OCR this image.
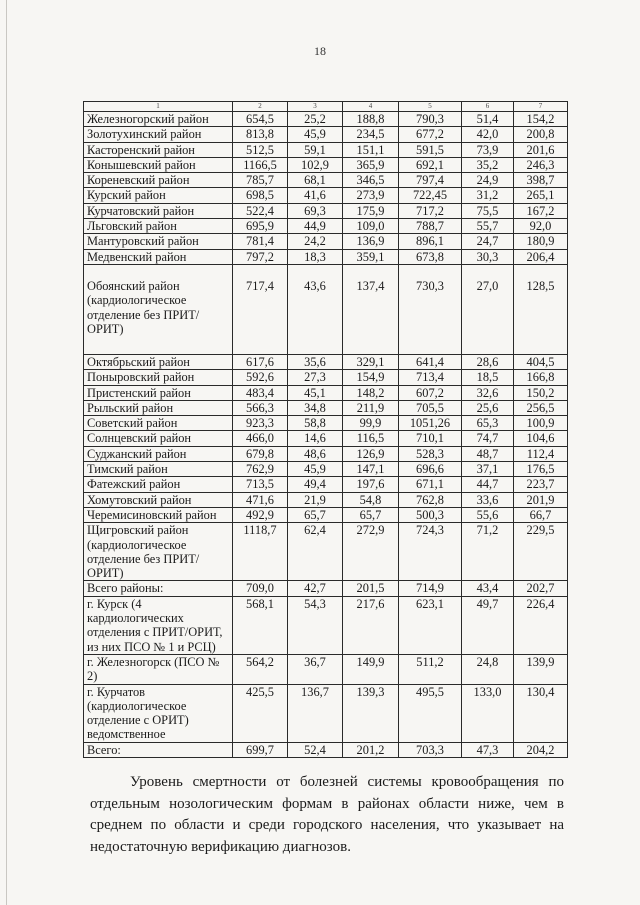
18
1	2	3	4	5	6	7
Железногорский район	654,5	25,2	188,8	790,3	51,4	154,2
Золотухинский район	813,8	45,9	234,5	677,2	42,0	200,8
Касторенский район	512,5	59,1	151,1	591,5	73,9	201,6
Конышевский район	1166,5	102,9	365,9	692,1	35,2	246,3
Кореневский район	785,7	68,1	346,5	797,4	24,9	398,7
Курский район	698,5	41,6	273,9	722,45	31,2	265,1
Курчатовский район	522,4	69,3	175,9	717,2	75,5	167,2
Льговский район	695,9	44,9	109,0	788,7	55,7	92,0
Мантуровский район	781,4	24,2	136,9	896,1	24,7	180,9
Медвенский район	797,2	18,3	359,1	673,8	30,3	206,4
Обоянский район (кардиологическое отделение без ПРИТ/ОРИТ)	717,4	43,6	137,4	730,3	27,0	128,5
Октябрьский район	617,6	35,6	329,1	641,4	28,6	404,5
Поныровский район	592,6	27,3	154,9	713,4	18,5	166,8
Пристенский район	483,4	45,1	148,2	607,2	32,6	150,2
Рыльский район	566,3	34,8	211,9	705,5	25,6	256,5
Советский район	923,3	58,8	99,9	1051,26	65,3	100,9
Солнцевский район	466,0	14,6	116,5	710,1	74,7	104,6
Суджанский район	679,8	48,6	126,9	528,3	48,7	112,4
Тимский район	762,9	45,9	147,1	696,6	37,1	176,5
Фатежский район	713,5	49,4	197,6	671,1	44,7	223,7
Хомутовский район	471,6	21,9	54,8	762,8	33,6	201,9
Черемисиновский район	492,9	65,7	65,7	500,3	55,6	66,7
Щигровский район (кардиологическое отделение без ПРИТ/ОРИТ)	1118,7	62,4	272,9	724,3	71,2	229,5
Всего районы:	709,0	42,7	201,5	714,9	43,4	202,7
г. Курск (4 кардиологических отделения с ПРИТ/ОРИТ, из них ПСО № 1 и РСЦ)	568,1	54,3	217,6	623,1	49,7	226,4
г. Железногорск (ПСО № 2)	564,2	36,7	149,9	511,2	24,8	139,9
г. Курчатов (кардиологическое отделение с ОРИТ) ведомственное	425,5	136,7	139,3	495,5	133,0	130,4
Всего:	699,7	52,4	201,2	703,3	47,3	204,2
Уровень смертности от болезней системы кровообращения по отдельным нозологическим формам в районах области ниже, чем в среднем по области и среди городского населения, что указывает на недостаточную верификацию диагнозов.
